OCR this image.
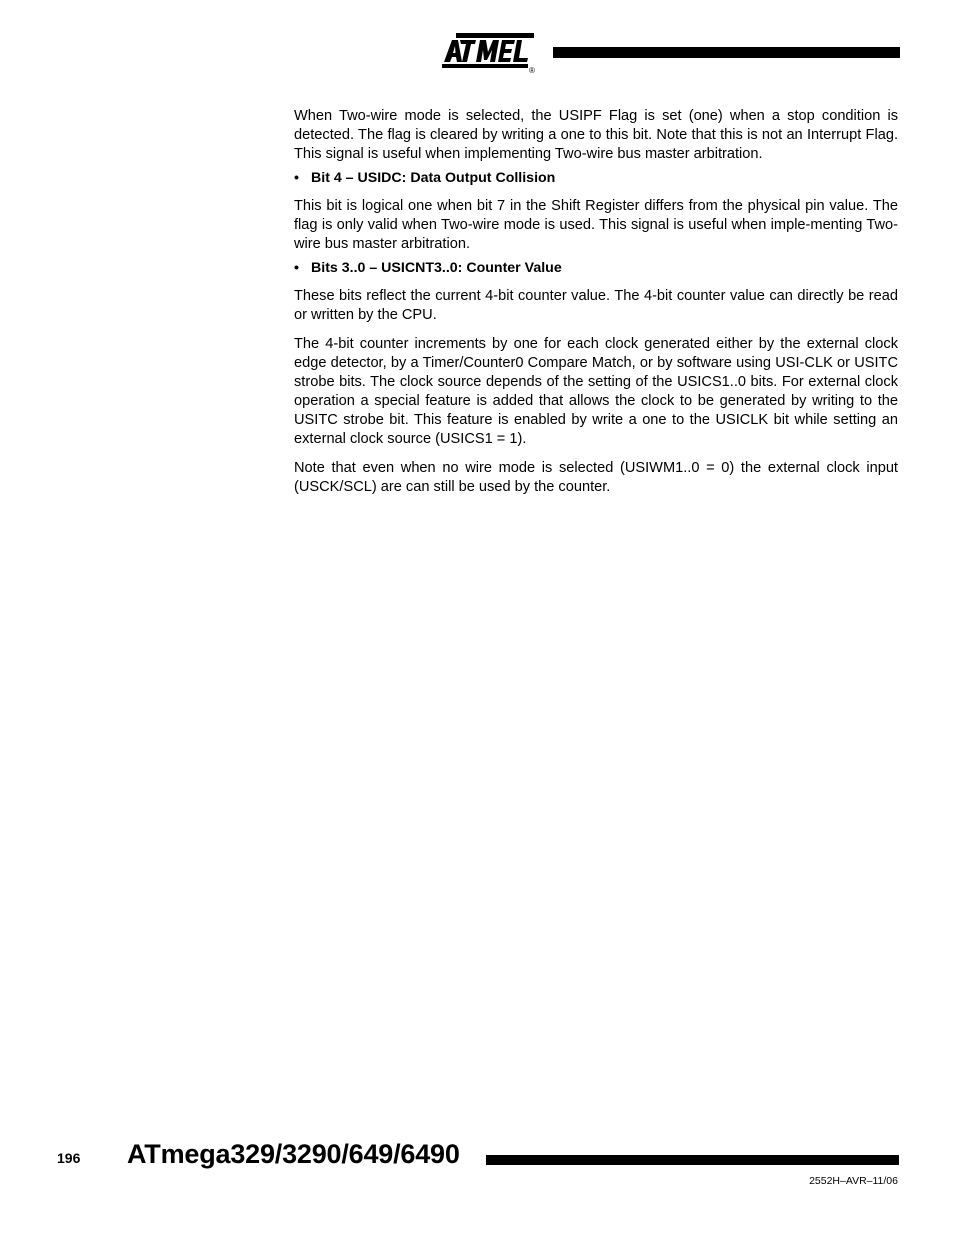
®

When Two-wire mode is selected, the USIPF Flag is set (one) when a stop condition is detected. The flag is cleared by writing a one to this bit. Note that this is not an Interrupt Flag. This signal is useful when implementing Two-wire bus master arbitration.

• Bit 4 – USIDC: Data Output Collision

This bit is logical one when bit 7 in the Shift Register differs from the physical pin value. The flag is only valid when Two-wire mode is used. This signal is useful when imple-menting Two-wire bus master arbitration.

• Bits 3..0 – USICNT3..0: Counter Value

These bits reflect the current 4-bit counter value. The 4-bit counter value can directly be read or written by the CPU.

The 4-bit counter increments by one for each clock generated either by the external clock edge detector, by a Timer/Counter0 Compare Match, or by software using USI-CLK or USITC strobe bits. The clock source depends of the setting of the USICS1..0 bits. For external clock operation a special feature is added that allows the clock to be generated by writing to the USITC strobe bit. This feature is enabled by write a one to the USICLK bit while setting an external clock source (USICS1 = 1).

Note that even when no wire mode is selected (USIWM1..0 = 0) the external clock input (USCK/SCL) are can still be used by the counter.

196 ATmega329/3290/649/6490
2552H–AVR–11/06
